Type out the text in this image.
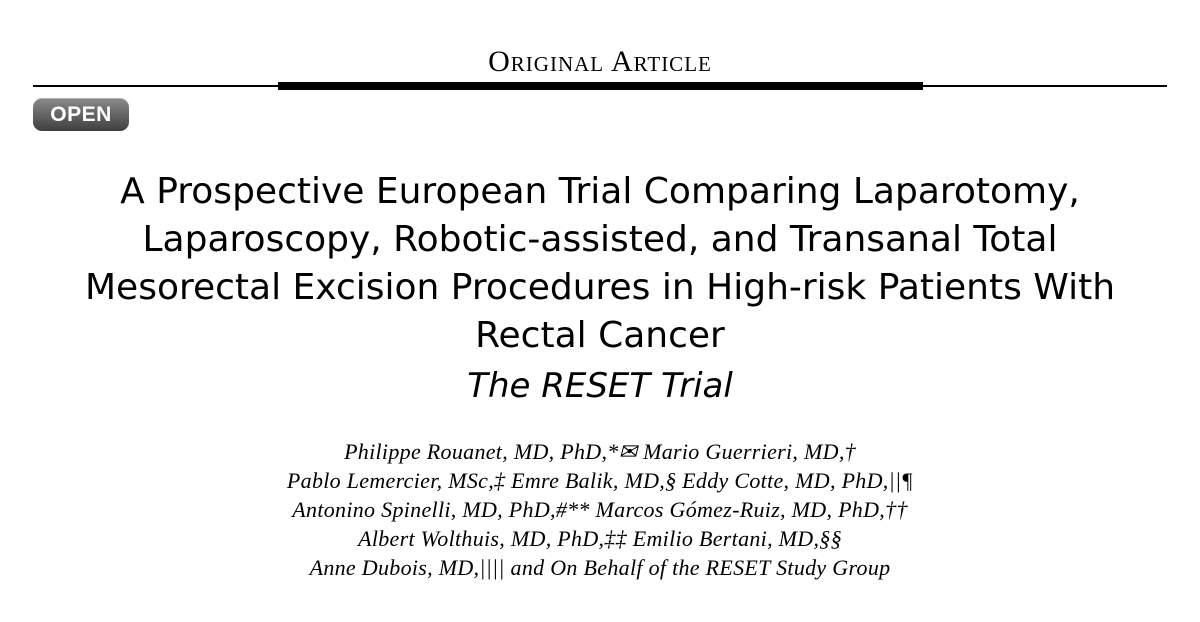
Original Article
OPEN
A Prospective European Trial Comparing Laparotomy,
Laparoscopy, Robotic-assisted, and Transanal Total
Mesorectal Excision Procedures in High-risk Patients With
Rectal Cancer
The RESET Trial
Philippe Rouanet, MD, PhD,*✉ Mario Guerrieri, MD,†
Pablo Lemercier, MSc,‡ Emre Balik, MD,§ Eddy Cotte, MD, PhD,||¶
Antonino Spinelli, MD, PhD,#** Marcos Gómez-Ruiz, MD, PhD,††
Albert Wolthuis, MD, PhD,‡‡ Emilio Bertani, MD,§§
Anne Dubois, MD,|||| and On Behalf of the RESET Study Group
